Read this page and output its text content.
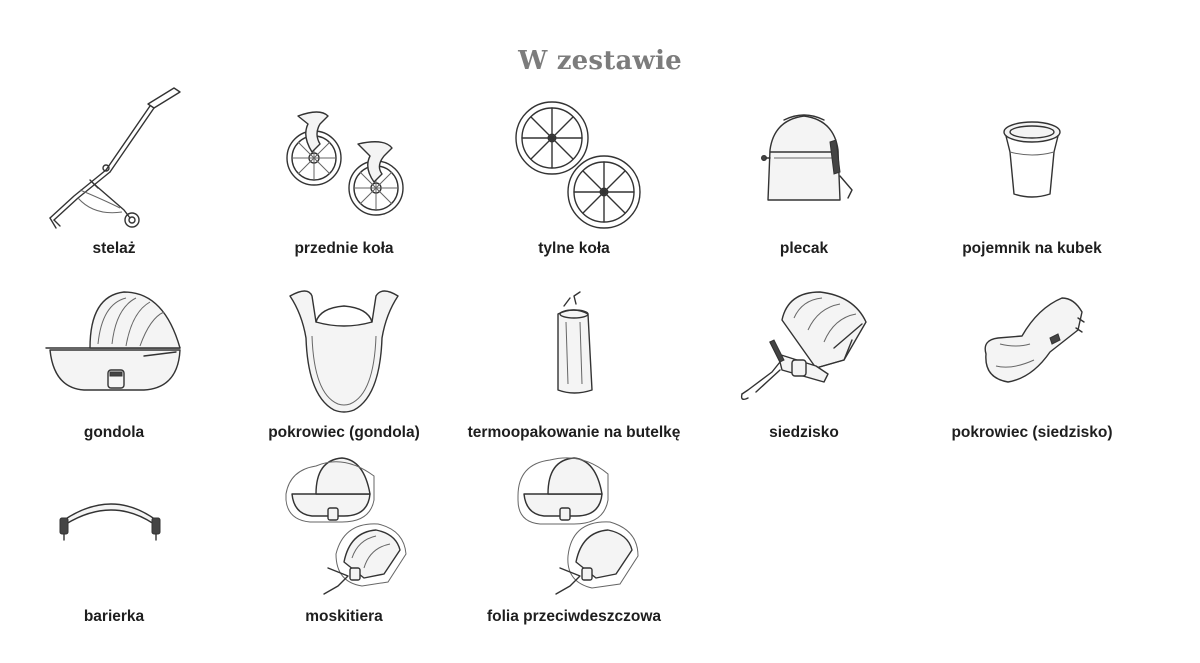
W zestawie
stelaż	przednie koła	tylne koła	plecak	pojemnik na kubek
gondola	pokrowiec (gondola)	termoopakowanie na butelkę	siedzisko	pokrowiec (siedzisko)
barierka	moskitiera	folia przeciwdeszczowa
